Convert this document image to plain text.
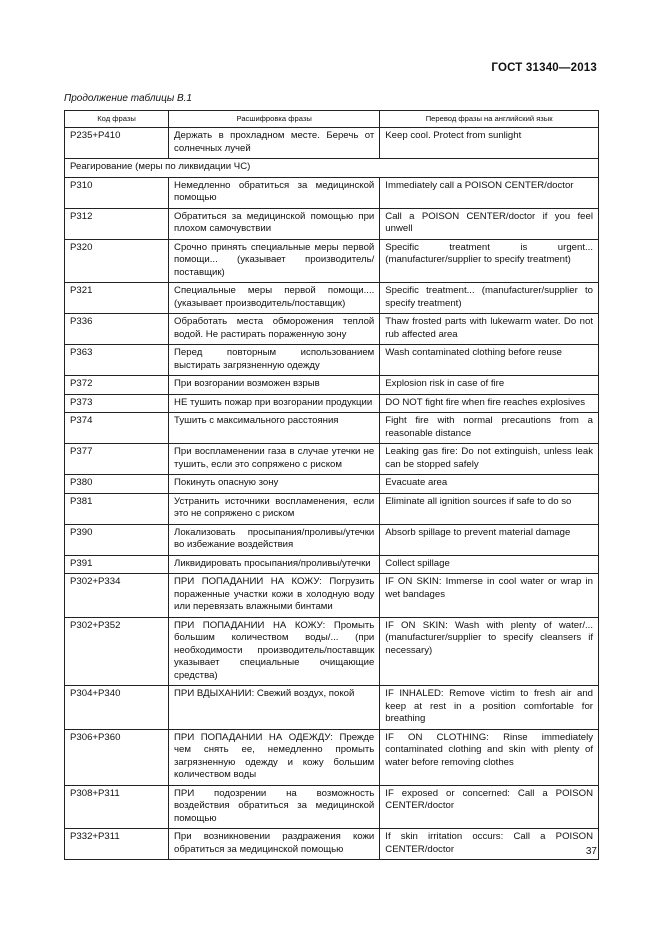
ГОСТ 31340—2013
Продолжение таблицы В.1
Код фразы	Расшифровка фразы	Перевод фразы на английский язык
P235+P410	Держать в прохладном месте. Беречь от солнечных лучей	Keep cool. Protect from sunlight
Реагирование (меры по ликвидации ЧС)		
P310	Немедленно обратиться за медицинской помощью	Immediately call a POISON CENTER/doctor
P312	Обратиться за медицинской помощью при плохом самочувствии	Call a POISON CENTER/doctor if you feel unwell
P320	Срочно принять специальные меры первой помощи... (указывает производитель/поставщик)	Specific treatment is urgent... (manufacturer/supplier to specify treatment)
P321	Специальные меры первой помощи.... (указывает производитель/поставщик)	Specific treatment... (manufacturer/supplier to specify treatment)
P336	Обработать места обморожения теплой водой. Не растирать пораженную зону	Thaw frosted parts with lukewarm water. Do not rub affected area
P363	Перед повторным использованием выстирать загрязненную одежду	Wash contaminated clothing before reuse
P372	При возгорании возможен взрыв	Explosion risk in case of fire
P373	НЕ тушить пожар при возгорании продукции	DO NOT fight fire when fire reaches explosives
P374	Тушить с максимального расстояния	Fight fire with normal precautions from a reasonable distance
P377	При воспламенении газа в случае утечки не тушить, если это сопряжено с риском	Leaking gas fire: Do not extinguish, unless leak can be stopped safely
P380	Покинуть опасную зону	Evacuate area
P381	Устранить источники воспламенения, если это не сопряжено с риском	Eliminate all ignition sources if safe to do so
P390	Локализовать просыпания/проливы/утечки во избежание воздействия	Absorb spillage to prevent material damage
P391	Ликвидировать просыпания/проливы/утечки	Collect spillage
P302+P334	ПРИ ПОПАДАНИИ НА КОЖУ: Погрузить пораженные участки кожи в холодную воду или перевязать влажными бинтами	IF ON SKIN: Immerse in cool water or wrap in wet bandages
P302+P352	ПРИ ПОПАДАНИИ НА КОЖУ: Промыть большим количеством воды/... (при необходимости производитель/поставщик указывает специальные очищающие средства)	IF ON SKIN: Wash with plenty of water/... (manufacturer/supplier to specify cleansers if necessary)
P304+P340	ПРИ ВДЫХАНИИ: Свежий воздух, покой	IF INHALED: Remove victim to fresh air and keep at rest in a position comfortable for breathing
P306+P360	ПРИ ПОПАДАНИИ НА ОДЕЖДУ: Прежде чем снять ее, немедленно промыть загрязненную одежду и кожу большим количеством воды	IF ON CLOTHING: Rinse immediately contaminated clothing and skin with plenty of water before removing clothes
P308+P311	ПРИ подозрении на возможность воздействия обратиться за медицинской помощью	IF exposed or concerned: Call a POISON CENTER/doctor
P332+P311	При возникновении раздражения кожи обратиться за медицинской помощью	If skin irritation occurs: Call a POISON CENTER/doctor	37
